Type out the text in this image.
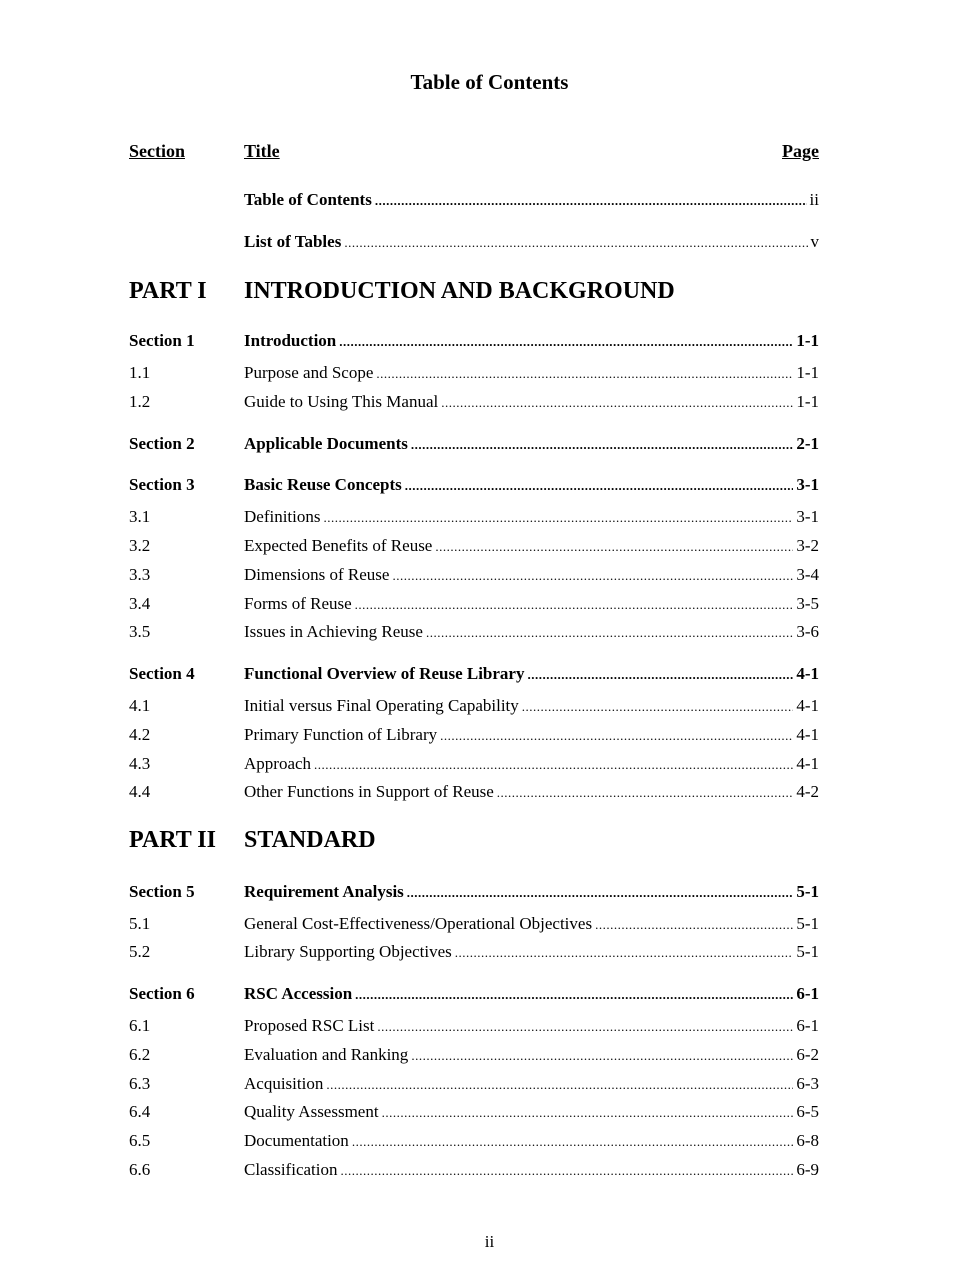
Table of Contents
Section	Title	Page
Table of Contents .....	ii
List of Tables .....	v
PART I INTRODUCTION AND BACKGROUND
Section 1	Introduction .....	1-1
1.1	Purpose and Scope .....	1-1
1.2	Guide to Using This Manual .....	1-1
Section 2	Applicable Documents .....	2-1
Section 3	Basic Reuse Concepts .....	3-1
3.1	Definitions .....	3-1
3.2	Expected Benefits of Reuse .....	3-2
3.3	Dimensions of Reuse .....	3-4
3.4	Forms of Reuse .....	3-5
3.5	Issues in Achieving Reuse .....	3-6
Section 4	Functional Overview of Reuse Library .....	4-1
4.1	Initial versus Final Operating Capability .....	4-1
4.2	Primary Function of Library .....	4-1
4.3	Approach .....	4-1
4.4	Other Functions in Support of Reuse .....	4-2
PART II STANDARD
Section 5	Requirement Analysis .....	5-1
5.1	General Cost-Effectiveness/Operational Objectives .....	5-1
5.2	Library Supporting Objectives .....	5-1
Section 6	RSC Accession .....	6-1
6.1	Proposed RSC List .....	6-1
6.2	Evaluation and Ranking .....	6-2
6.3	Acquisition .....	6-3
6.4	Quality Assessment .....	6-5
6.5	Documentation .....	6-8
6.6	Classification .....	6-9
ii
